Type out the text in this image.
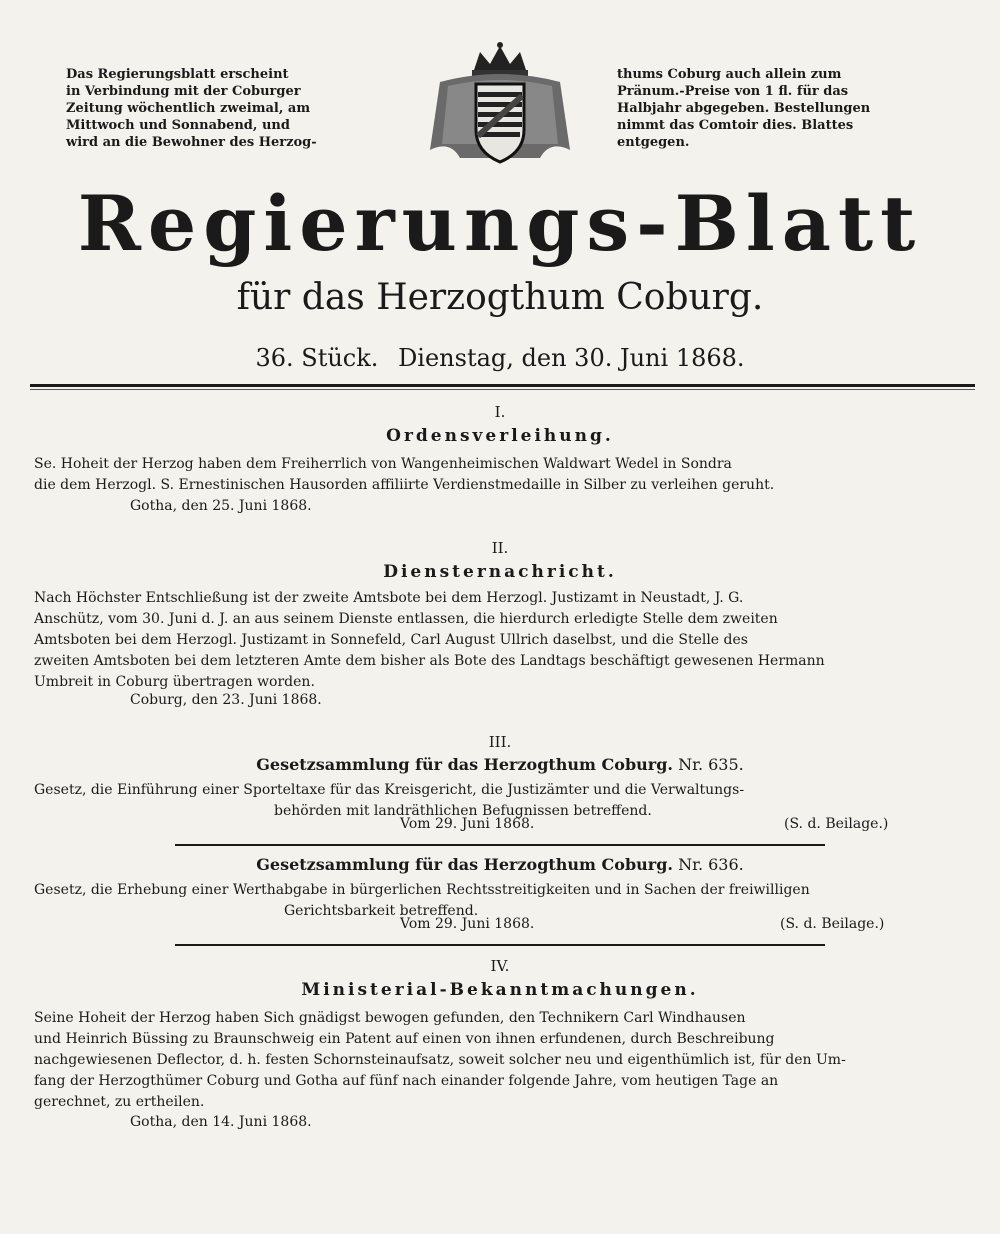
Das Regierungsblatt erscheint
in Verbindung mit der Coburger
Zeitung wöchentlich zweimal, am
Mittwoch und Sonnabend, und
wird an die Bewohner des Herzog-
thums Coburg auch allein zum
Pränum.-Preise von 1 fl. für das
Halbjahr abgegeben. Bestellungen
nimmt das Comtoir dies. Blattes
entgegen.
Regierungs-Blatt
für das Herzogthum Coburg.
36. Stück. Dienstag, den 30. Juni 1868.
I.
Ordensverleihung.
Se. Hoheit der Herzog haben dem Freiherrlich von Wangenheimischen Waldwart Wedel in Sondra
die dem Herzogl. S. Ernestinischen Hausorden affiliirte Verdienstmedaille in Silber zu verleihen geruht.
Gotha, den 25. Juni 1868.
II.
Diensternachricht.
Nach Höchster Entschließung ist der zweite Amtsbote bei dem Herzogl. Justizamt in Neustadt, J. G.
Anschütz, vom 30. Juni d. J. an aus seinem Dienste entlassen, die hierdurch erledigte Stelle dem zweiten
Amtsboten bei dem Herzogl. Justizamt in Sonnefeld, Carl August Ullrich daselbst, und die Stelle des
zweiten Amtsboten bei dem letzteren Amte dem bisher als Bote des Landtags beschäftigt gewesenen Hermann
Umbreit in Coburg übertragen worden.
Coburg, den 23. Juni 1868.
III.
Gesetzsammlung für das Herzogthum Coburg. Nr. 635.
Gesetz, die Einführung einer Sporteltaxe für das Kreisgericht, die Justizämter und die Verwaltungs-
behörden mit landräthlichen Befugnissen betreffend.
Vom 29. Juni 1868.	(S. d. Beilage.)
Gesetzsammlung für das Herzogthum Coburg. Nr. 636.
Gesetz, die Erhebung einer Werthabgabe in bürgerlichen Rechtsstreitigkeiten und in Sachen der freiwilligen
Gerichtsbarkeit betreffend.
Vom 29. Juni 1868.	(S. d. Beilage.)
IV.
Ministerial-Bekanntmachungen.
Seine Hoheit der Herzog haben Sich gnädigst bewogen gefunden, den Technikern Carl Windhausen
und Heinrich Büssing zu Braunschweig ein Patent auf einen von ihnen erfundenen, durch Beschreibung
nachgewiesenen Deflector, d. h. festen Schornsteinaufsatz, soweit solcher neu und eigenthümlich ist, für den Um-
fang der Herzogthümer Coburg und Gotha auf fünf nach einander folgende Jahre, vom heutigen Tage an
gerechnet, zu ertheilen.
Gotha, den 14. Juni 1868.
